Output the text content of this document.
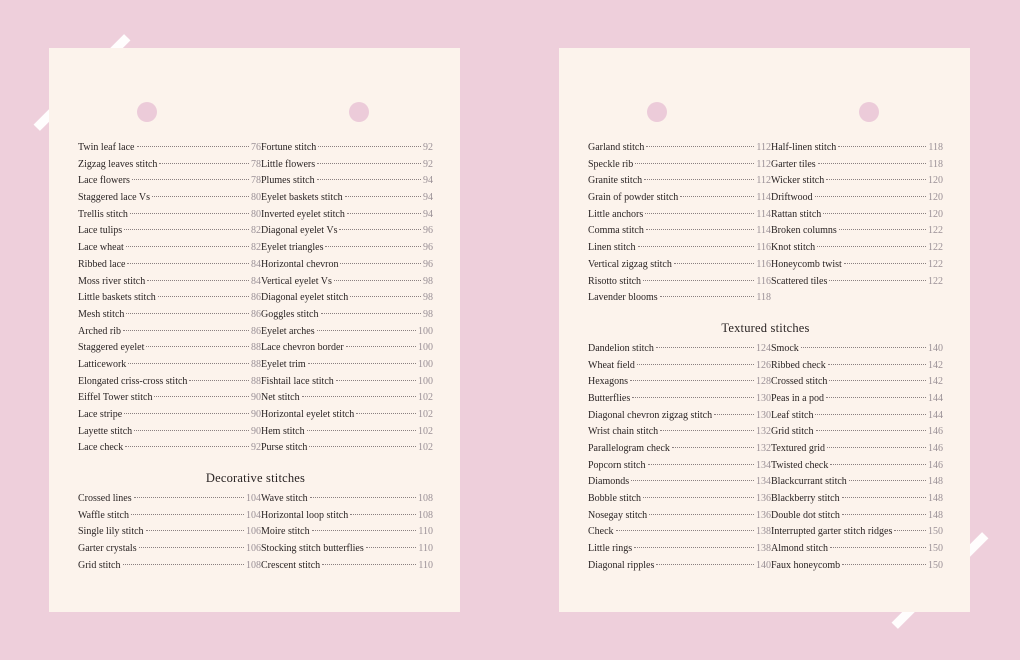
Twin leaf lace	76
Zigzag leaves stitch	78
Lace flowers	78
Staggered lace Vs	80
Trellis stitch	80
Lace tulips	82
Lace wheat	82
Ribbed lace	84
Moss river stitch	84
Little baskets stitch	86
Mesh stitch	86
Arched rib	86
Staggered eyelet	88
Latticework	88
Elongated criss-cross stitch	88
Eiffel Tower stitch	90
Lace stripe	90
Layette stitch	90
Lace check	92
Fortune stitch	92
Little flowers	92
Plumes stitch	94
Eyelet baskets stitch	94
Inverted eyelet stitch	94
Diagonal eyelet Vs	96
Eyelet triangles	96
Horizontal chevron	96
Vertical eyelet Vs	98
Diagonal eyelet stitch	98
Goggles stitch	98
Eyelet arches	100
Lace chevron border	100
Eyelet trim	100
Fishtail lace stitch	100
Net stitch	102
Horizontal eyelet stitch	102
Hem stitch	102
Purse stitch	102
Decorative stitches
Crossed lines	104
Waffle stitch	104
Single lily stitch	106
Garter crystals	106
Grid stitch	108
Wave stitch	108
Horizontal loop stitch	108
Moire stitch	110
Stocking stitch butterflies	110
Crescent stitch	110
Garland stitch	112
Speckle rib	112
Granite stitch	112
Grain of powder stitch	114
Little anchors	114
Comma stitch	114
Linen stitch	116
Vertical zigzag stitch	116
Risotto stitch	116
Lavender blooms	118
Half-linen stitch	118
Garter tiles	118
Wicker stitch	120
Driftwood	120
Rattan stitch	120
Broken columns	122
Knot stitch	122
Honeycomb twist	122
Scattered tiles	122
Textured stitches
Dandelion stitch	124
Wheat field	126
Hexagons	128
Butterflies	130
Diagonal chevron zigzag stitch	130
Wrist chain stitch	132
Parallelogram check	132
Popcorn stitch	134
Diamonds	134
Bobble stitch	136
Nosegay stitch	136
Check	138
Little rings	138
Diagonal ripples	140
Smock	140
Ribbed check	142
Crossed stitch	142
Peas in a pod	144
Leaf stitch	144
Grid stitch	146
Textured grid	146
Twisted check	146
Blackcurrant stitch	148
Blackberry stitch	148
Double dot stitch	148
Interrupted garter stitch ridges	150
Almond stitch	150
Faux honeycomb	150
